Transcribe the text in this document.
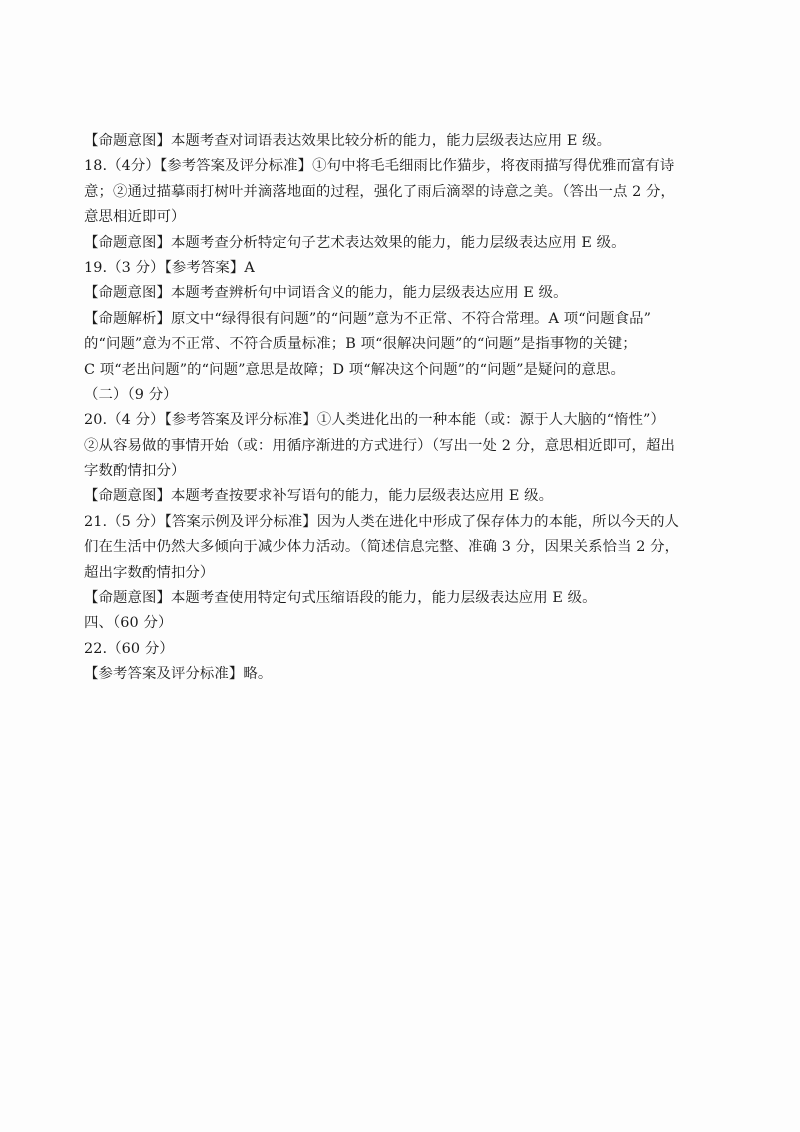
【命题意图】本题考查对词语表达效果比较分析的能力，能力层级表达应用 E 级。
18.（4分）【参考答案及评分标准】①句中将毛毛细雨比作猫步，将夜雨描写得优雅而富有诗
意；②通过描摹雨打树叶并滴落地面的过程，强化了雨后滴翠的诗意之美。（答出一点 2 分，
意思相近即可）
【命题意图】本题考查分析特定句子艺术表达效果的能力，能力层级表达应用 E 级。
19.（3 分）【参考答案】A
【命题意图】本题考查辨析句中词语含义的能力，能力层级表达应用 E 级。
【命题解析】原文中“绿得很有问题”的“问题”意为不正常、不符合常理。A 项“问题食品”
的“问题”意为不正常、不符合质量标准；B 项“很解决问题”的“问题”是指事物的关键；
C 项“老出问题”的“问题”意思是故障；D 项“解决这个问题”的“问题”是疑问的意思。
（二）（9 分）
20.（4 分）【参考答案及评分标准】①人类进化出的一种本能（或：源于人大脑的“惰性”）
②从容易做的事情开始（或：用循序渐进的方式进行）（写出一处 2 分，意思相近即可，超出
字数酌情扣分）
【命题意图】本题考查按要求补写语句的能力，能力层级表达应用 E 级。
21.（5 分）【答案示例及评分标准】因为人类在进化中形成了保存体力的本能，所以今天的人
们在生活中仍然大多倾向于减少体力活动。（简述信息完整、准确 3 分，因果关系恰当 2 分，
超出字数酌情扣分）
【命题意图】本题考查使用特定句式压缩语段的能力，能力层级表达应用 E 级。
四、（60 分）
22.（60 分）
【参考答案及评分标准】略。
